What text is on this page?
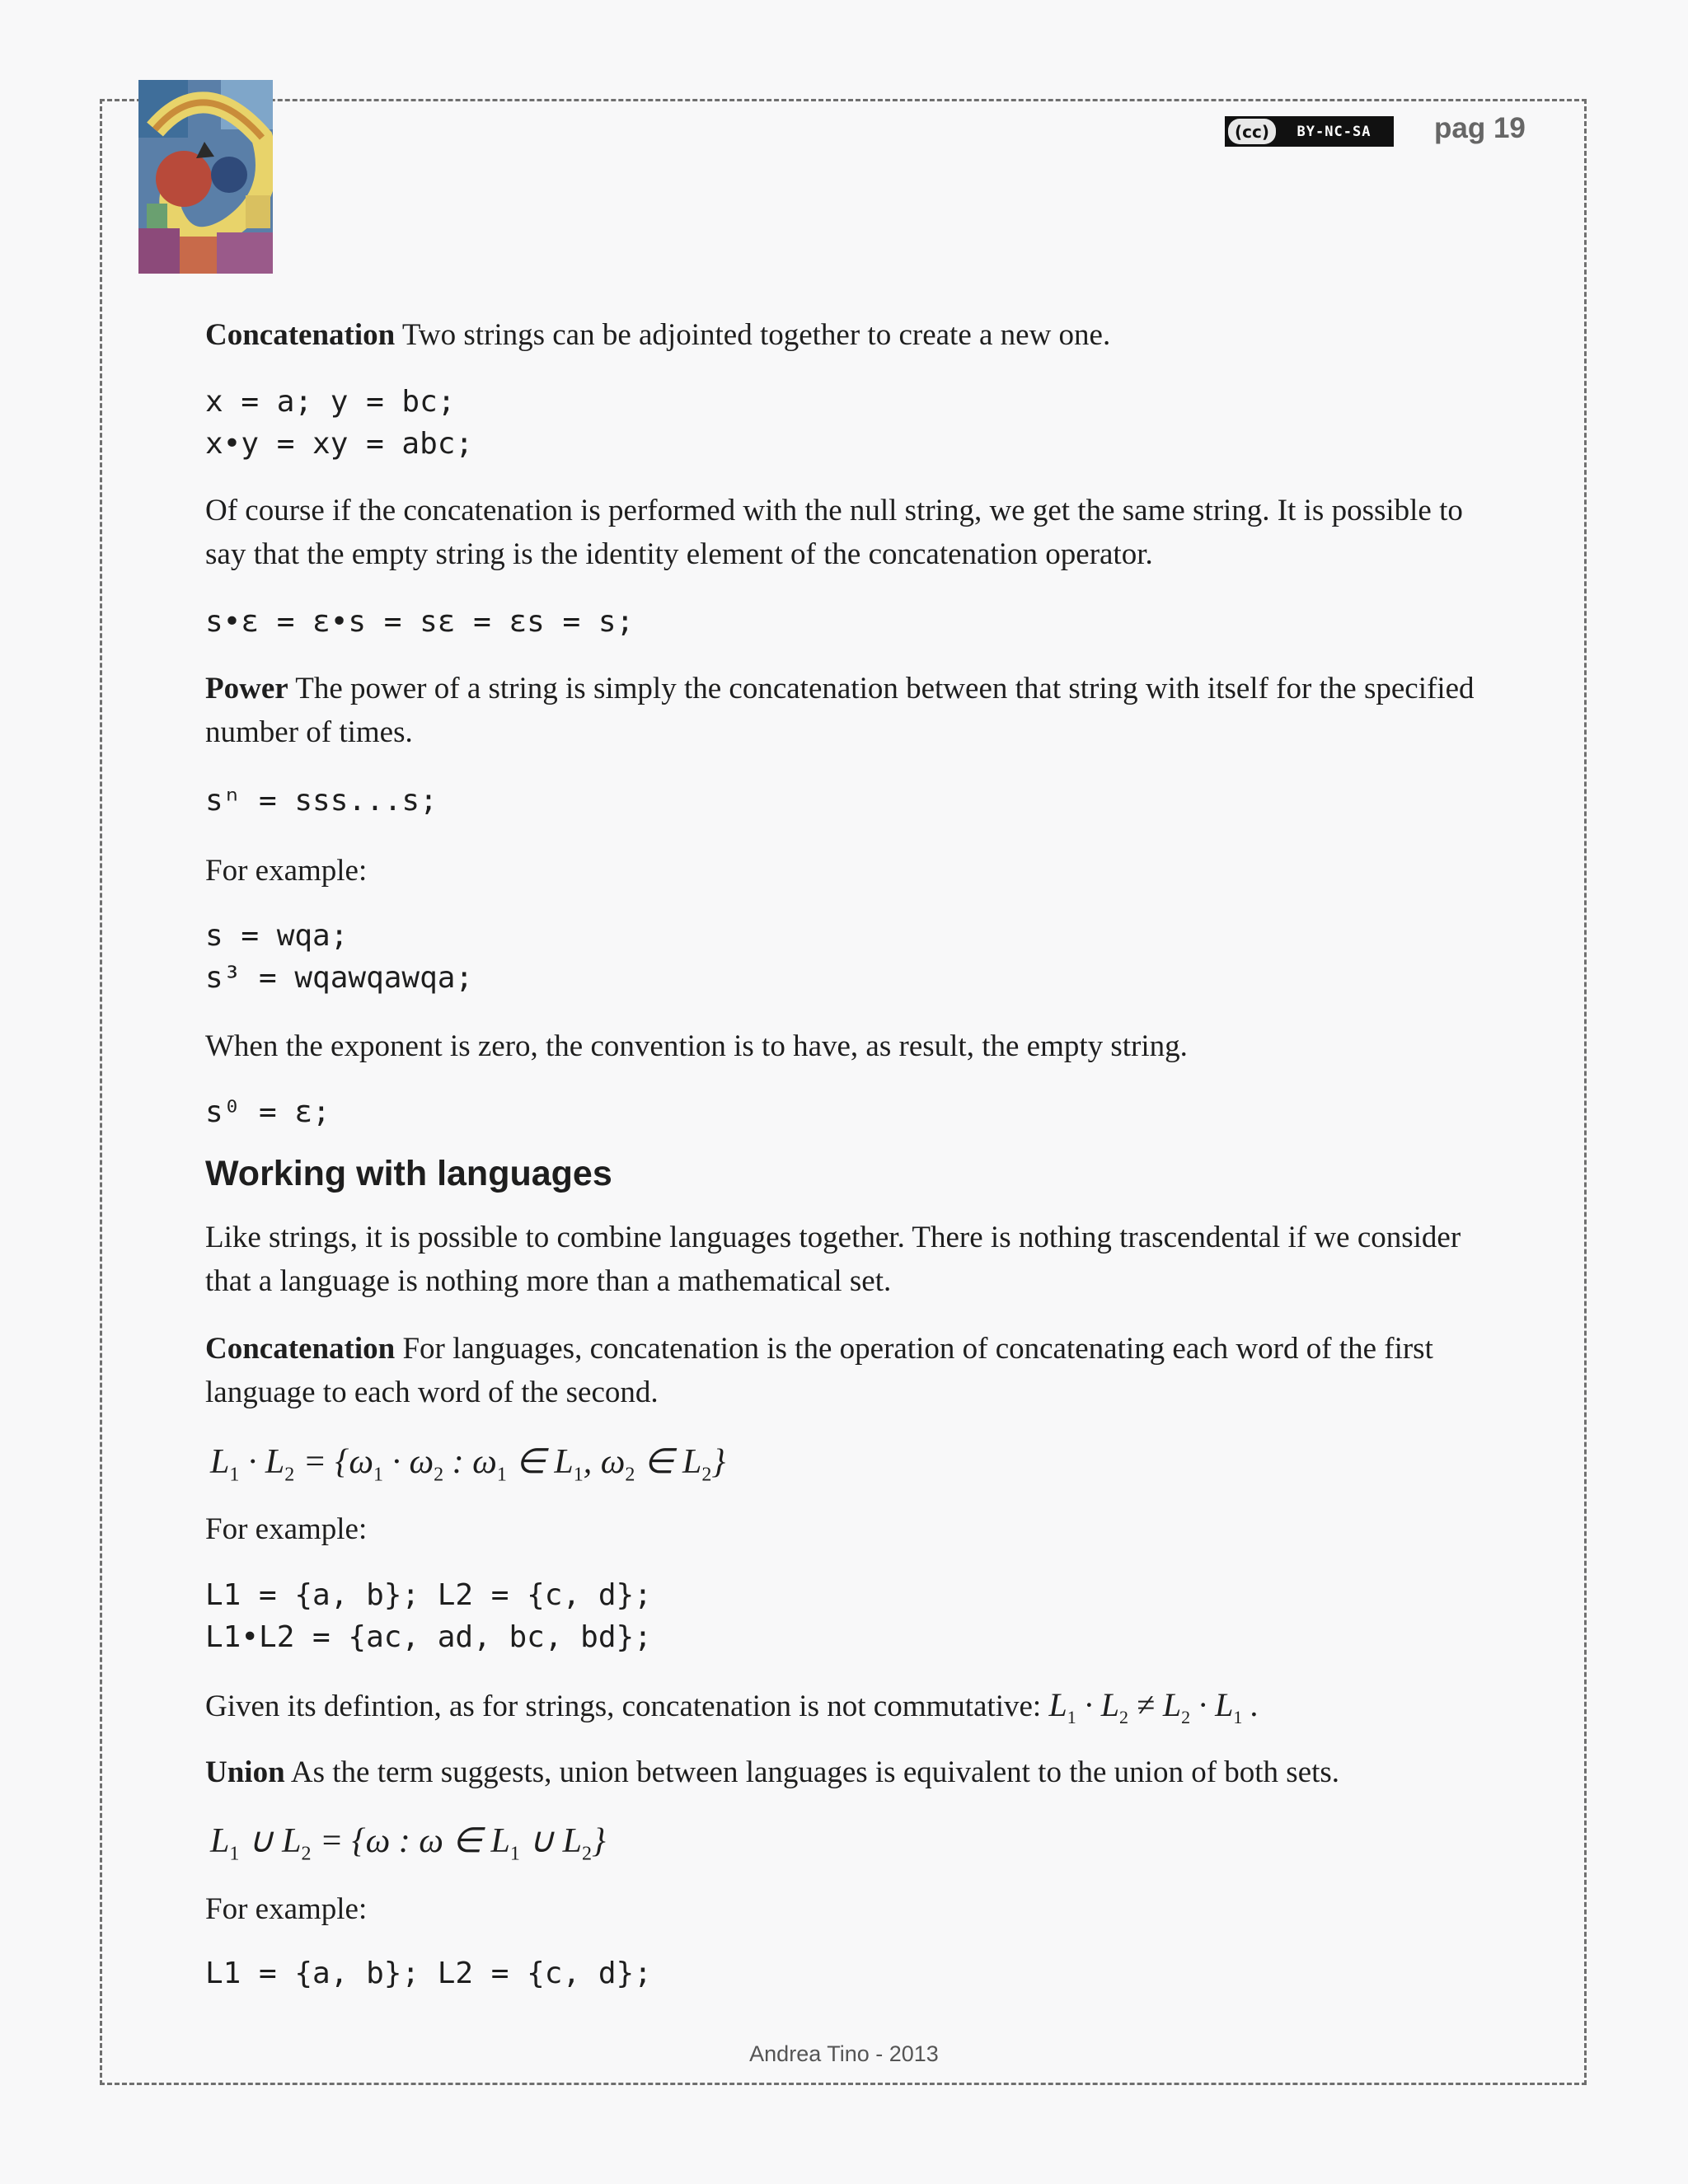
(cc)	BY-NC-SA	pag 19

Concatenation Two strings can be adjointed together to create a new one.

x = a; y = bc;
x•y = xy = abc;

Of course if the concatenation is performed with the null string, we get the same string. It is possible to say that the empty string is the identity element of the concatenation operator.

s•ε = ε•s = sε = εs = s;

Power The power of a string is simply the concatenation between that string with itself for the specified number of times.

sⁿ = sss...s;

For example:

s = wqa;
s³ = wqawqawqa;

When the exponent is zero, the convention is to have, as result, the empty string.

s⁰ = ε;
Working with languages

Like strings, it is possible to combine languages together. There is nothing trascendental if we consider that a language is nothing more than a mathematical set.

Concatenation For languages, concatenation is the operation of concatenating each word of the first language to each word of the second.

$L_1 \cdot L_2 = \{\omega_1 \cdot \omega_2$ : $\omega_1$ ∈ $L_1$, $\omega_2$ ∈ $L_2$}

For example:

L1 = {a, b}; L2 = {c, d};
L1•L2 = {ac, ad, bc, bd};

Given its defintion, as for strings, concatenation is not commutative: $L_1 \cdot L_2 \ne L_2 \cdot L_1$ .

Union As the term suggests, union between languages is equivalent to the union of both sets.

$L_1$ ∪ $L_2 = \{\omega$ : ω ∈ $L_1$ ∪ $L_2$}

For example:

L1 = {a, b}; L2 = {c, d};
Andrea Tino - 2013
